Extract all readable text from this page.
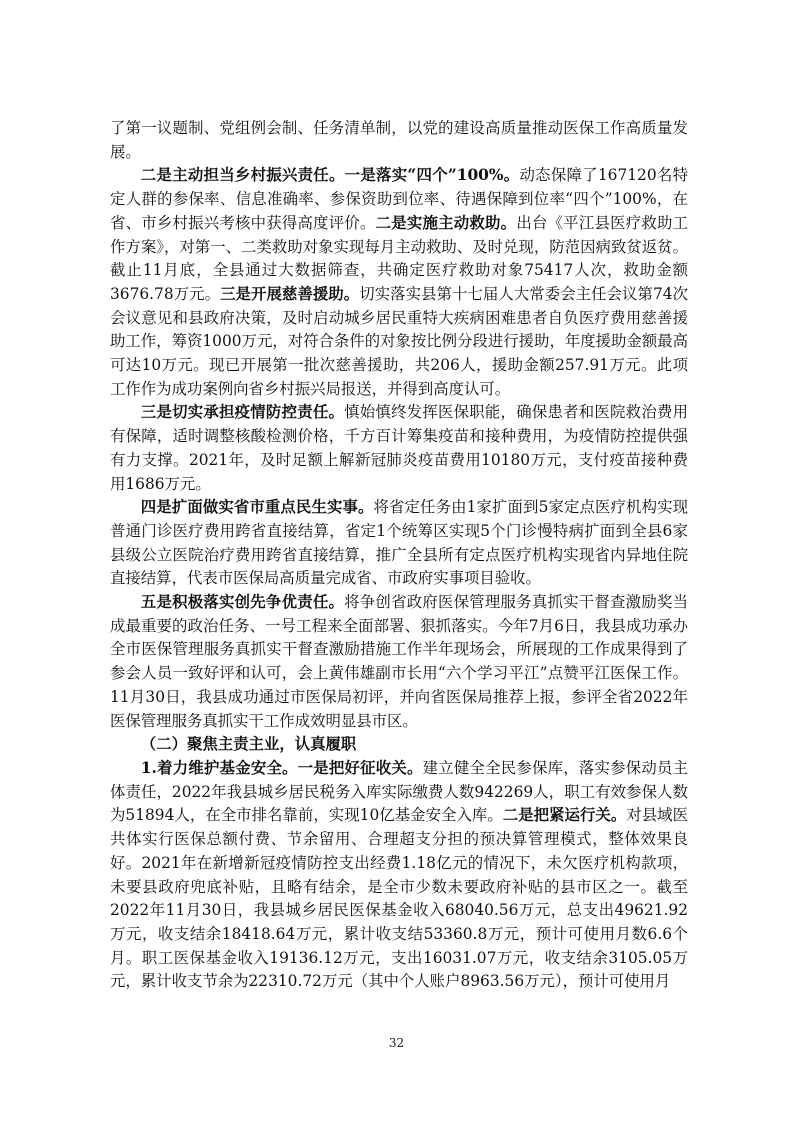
了第一议题制、党组例会制、任务清单制，以党的建设高质量推动医保工作高质量发展。

二是主动担当乡村振兴责任。一是落实“四个”100%。动态保障了167120名特定人群的参保率、信息准确率、参保资助到位率、待遇保障到位率“四个”100%，在省、市乡村振兴考核中获得高度评价。二是实施主动救助。出台《平江县医疗救助工作方案》，对第一、二类救助对象实现每月主动救助、及时兑现，防范因病致贫返贫。截止11月底，全县通过大数据筛查，共确定医疗救助对象75417人次，救助金额3676.78万元。三是开展慈善援助。切实落实县第十七届人大常委会主任会议第74次会议意见和县政府决策，及时启动城乡居民重特大疾病困难患者自负医疗费用慈善援助工作，筹资1000万元，对符合条件的对象按比例分段进行援助，年度援助金额最高可达10万元。现已开展第一批次慈善援助，共206人，援助金额257.91万元。此项工作作为成功案例向省乡村振兴局报送，并得到高度认可。

三是切实承担疫情防控责任。慎始慎终发挥医保职能，确保患者和医院救治费用有保障，适时调整核酸检测价格，千方百计筹集疫苗和接种费用，为疫情防控提供强有力支撑。2021年，及时足额上解新冠肺炎疫苗费用10180万元，支付疫苗接种费用1686万元。

四是扩面做实省市重点民生实事。将省定任务由1家扩面到5家定点医疗机构实现普通门诊医疗费用跨省直接结算，省定1个统筹区实现5个门诊慢特病扩面到全县6家县级公立医院治疗费用跨省直接结算，推广全县所有定点医疗机构实现省内异地住院直接结算，代表市医保局高质量完成省、市政府实事项目验收。

五是积极落实创先争优责任。将争创省政府医保管理服务真抓实干督查激励奖当成最重要的政治任务、一号工程来全面部署、狠抓落实。今年7月6日，我县成功承办全市医保管理服务真抓实干督查激励措施工作半年现场会，所展现的工作成果得到了参会人员一致好评和认可，会上黄伟雄副市长用“六个学习平江”点赞平江医保工作。11月30日，我县成功通过市医保局初评，并向省医保局推荐上报，参评全省2022年医保管理服务真抓实干工作成效明显县市区。

（二）聚焦主责主业，认真履职

1.着力维护基金安全。一是把好征收关。建立健全全民参保库，落实参保动员主体责任，2022年我县城乡居民税务入库实际缴费人数942269人，职工有效参保人数为51894人，在全市排名靠前，实现10亿基金安全入库。二是把紧运行关。对县域医共体实行医保总额付费、节余留用、合理超支分担的预决算管理模式，整体效果良好。2021年在新增新冠疫情防控支出经费1.18亿元的情况下，未欠医疗机构款项，未要县政府兜底补贴，且略有结余，是全市少数未要政府补贴的县市区之一。截至2022年11月30日，我县城乡居民医保基金收入68040.56万元，总支出49621.92万元，收支结余18418.64万元，累计收支结53360.8万元，预计可使用月数6.6个月。职工医保基金收入19136.12万元，支出16031.07万元，收支结余3105.05万元，累计收支节余为22310.72万元（其中个人账户8963.56万元），预计可使用月

32
